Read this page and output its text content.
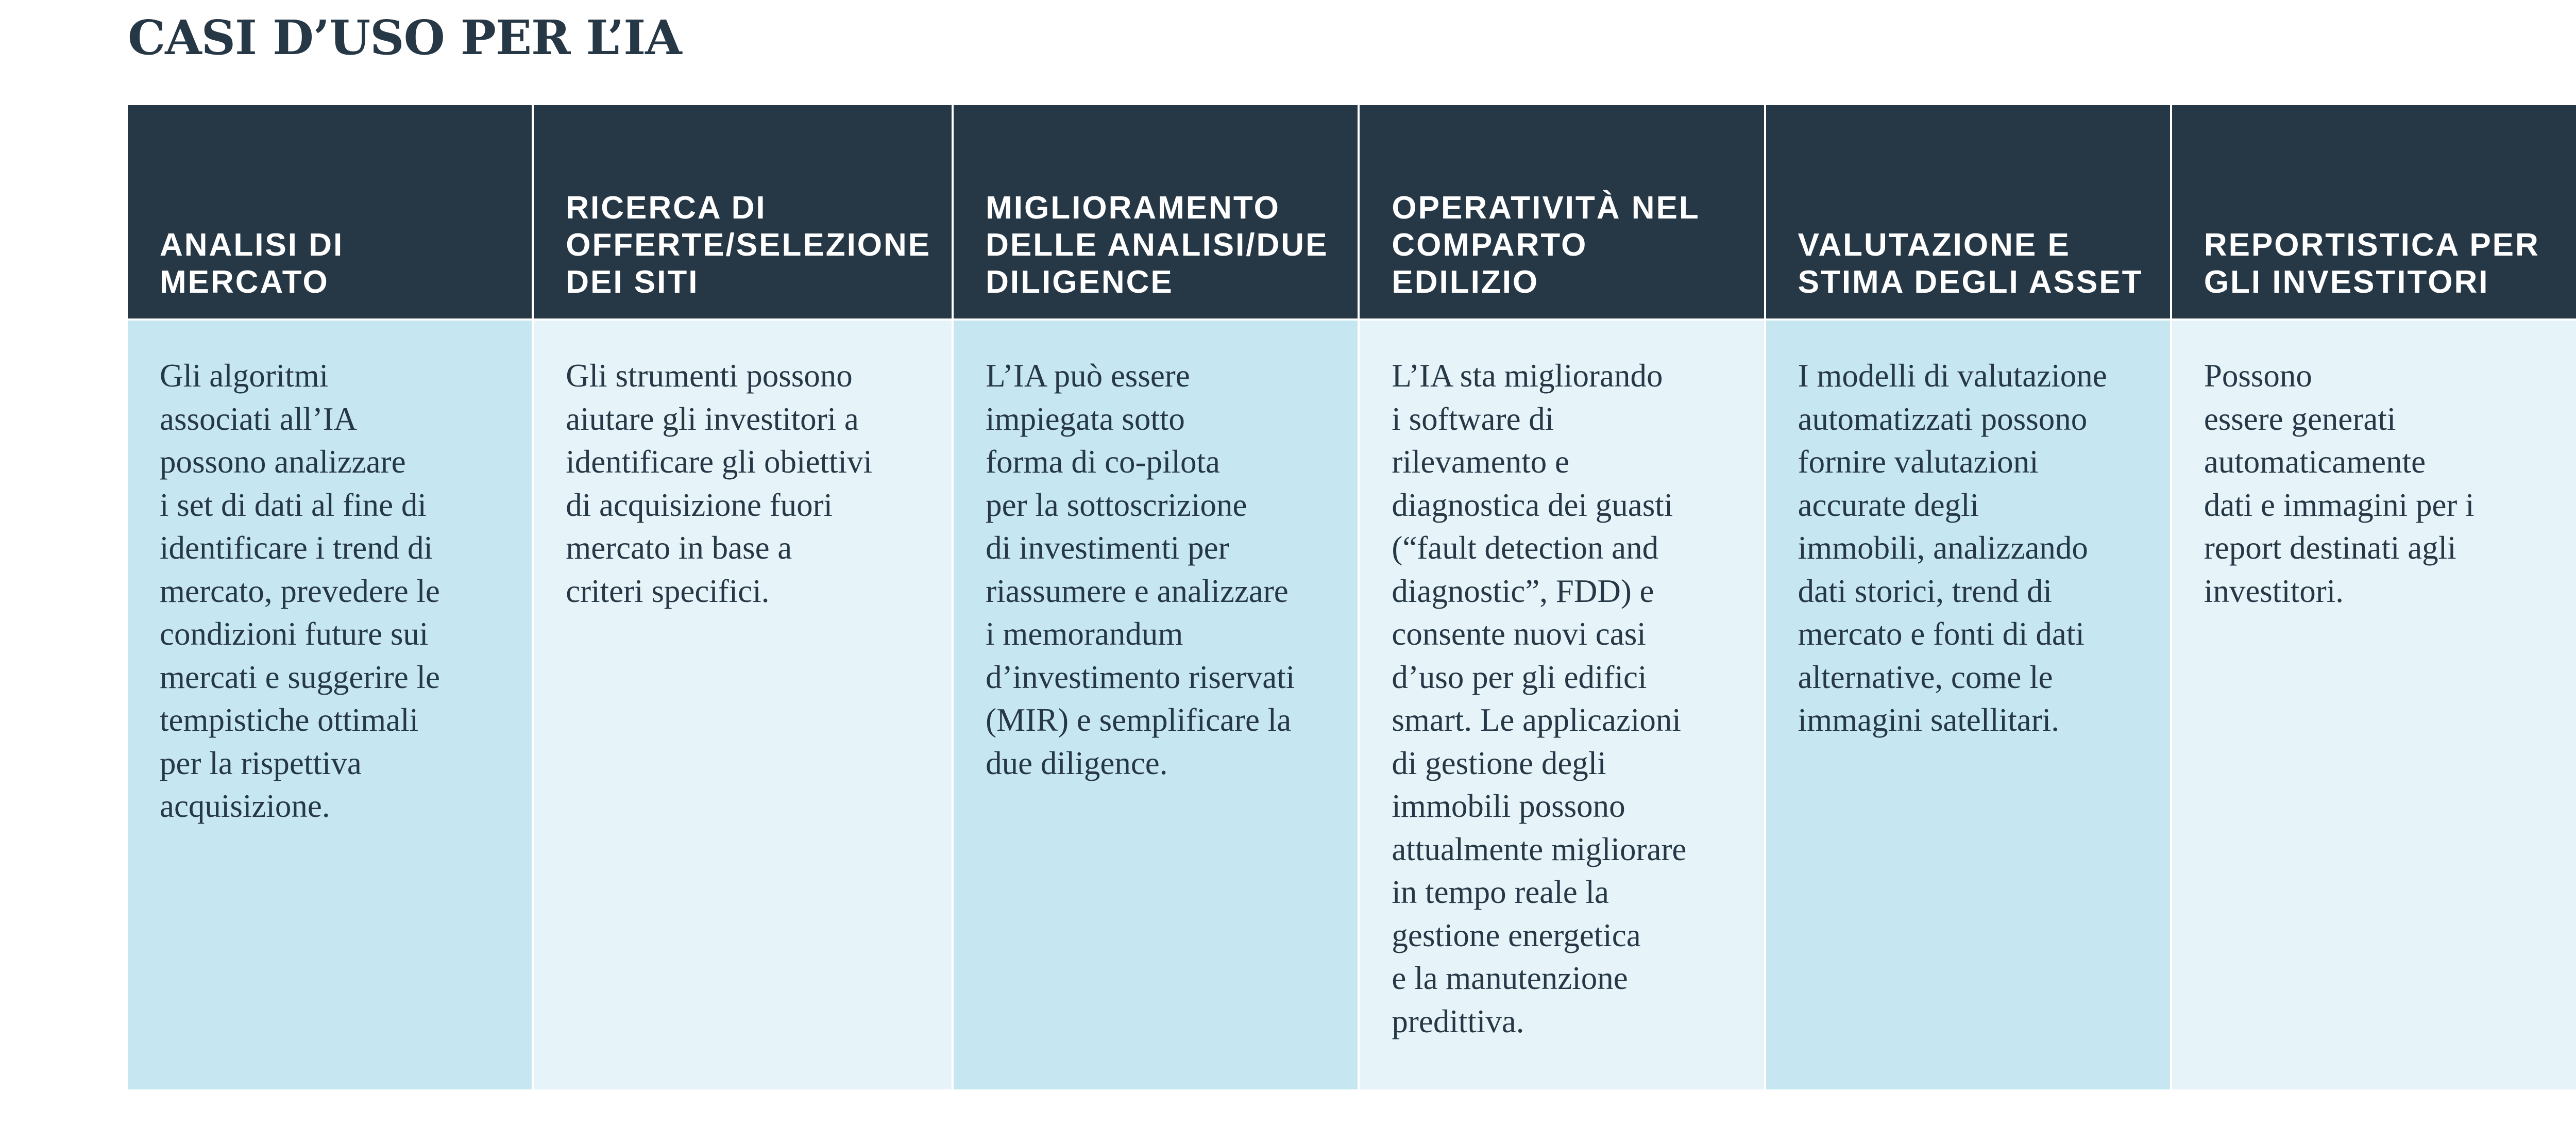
CASI D’USO PER L’IA
ANALISI DI
MERCATO

Gli algoritmi
associati all’IA
possono analizzare
i set di dati al fine di
identificare i trend di
mercato, prevedere le
condizioni future sui
mercati e suggerire le
tempistiche ottimali
per la rispettiva
acquisizione.

RICERCA DI
OFFERTE/SELEZIONE
DEI SITI

Gli strumenti possono
aiutare gli investitori a
identificare gli obiettivi
di acquisizione fuori
mercato in base a
criteri specifici.

MIGLIORAMENTO
DELLE ANALISI/DUE
DILIGENCE

L’IA può essere
impiegata sotto
forma di co-pilota
per la sottoscrizione
di investimenti per
riassumere e analizzare
i memorandum
d’investimento riservati
(MIR) e semplificare la
due diligence.

OPERATIVITÀ NEL
COMPARTO EDILIZIO

L’IA sta migliorando
i software di
rilevamento e
diagnostica dei guasti
(“fault detection and
diagnostic”, FDD) e
consente nuovi casi
d’uso per gli edifici
smart. Le applicazioni
di gestione degli
immobili possono
attualmente migliorare
in tempo reale la
gestione energetica
e la manutenzione
predittiva.

VALUTAZIONE E
STIMA DEGLI ASSET

I modelli di valutazione
automatizzati possono
fornire valutazioni
accurate degli
immobili, analizzando
dati storici, trend di
mercato e fonti di dati
alternative, come le
immagini satellitari.

REPORTISTICA PER
GLI INVESTITORI

Possono
essere generati
automaticamente
dati e immagini per i
report destinati agli
investitori.
